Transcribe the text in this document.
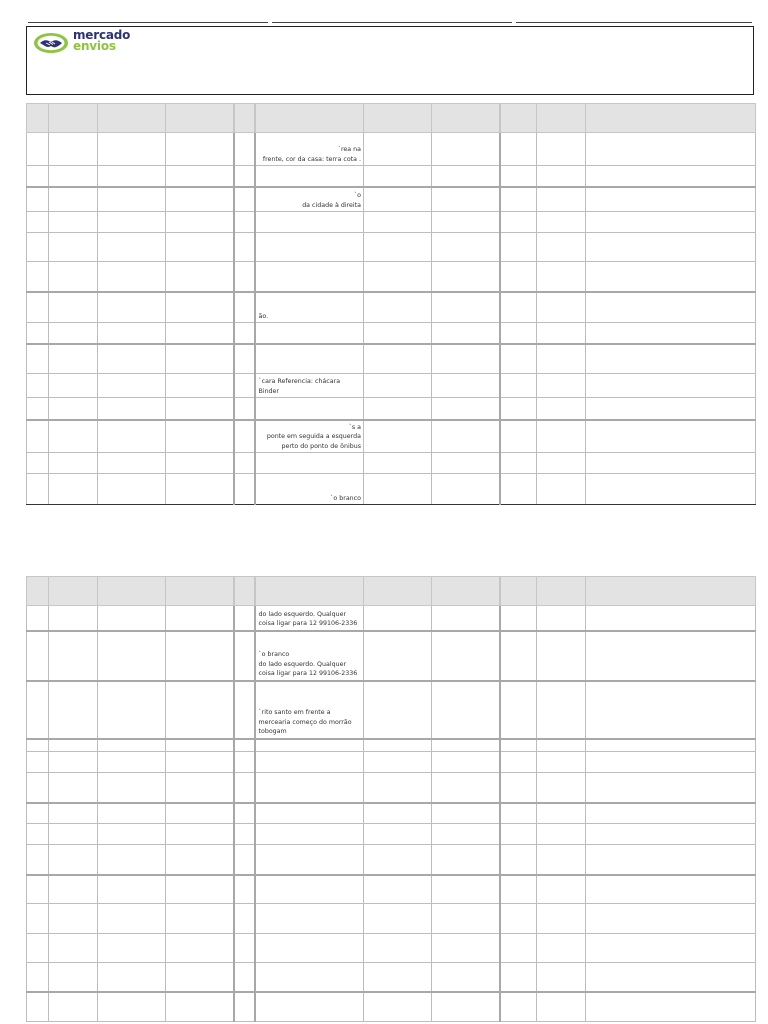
mercado
envios

					`rea na
frente, cor da casa: terra cota .					

					`o
da cidade à direita					

					ão.					

					`cara Referencia: chácara
Binder					

					`s a
ponte em seguida a esquerda
perto do ponto de ônibus					

					`o branco					

					do lado esquerdo. Qualquer
coisa ligar para 12 99106-2336					

					`o branco
do lado esquerdo. Qualquer
coisa ligar para 12 99106-2336					

					`rito santo em frente a
mercearia começo do morrão
tobogam					
